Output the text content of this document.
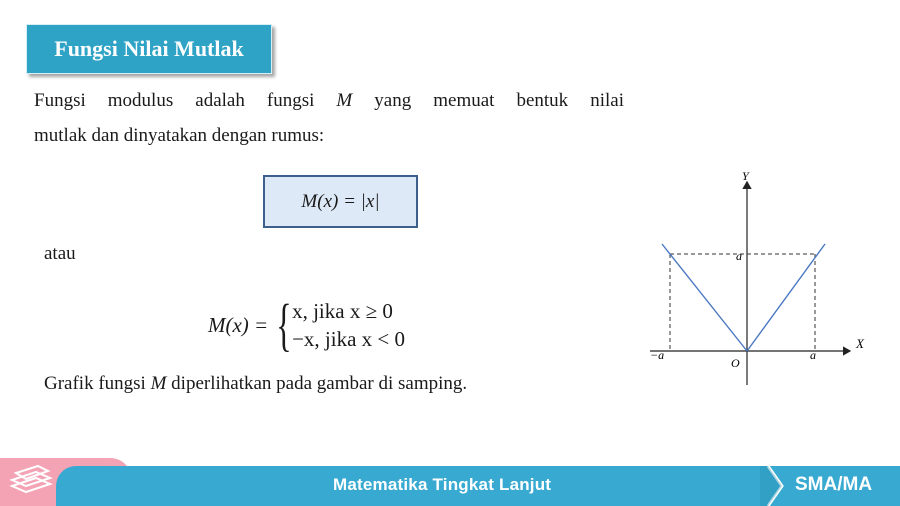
Fungsi Nilai Mutlak
Fungsi modulus adalah fungsi M yang memuat bentuk nilai
mutlak dan dinyatakan dengan rumus:
M(x) = |x|
atau
M(x) = { x, jika x ≥ 0
−x, jika x < 0
Grafik fungsi M diperlihatkan pada gambar di samping.
Y
X
O
a
a
−a
Matematika Tingkat Lanjut	SMA/MA
